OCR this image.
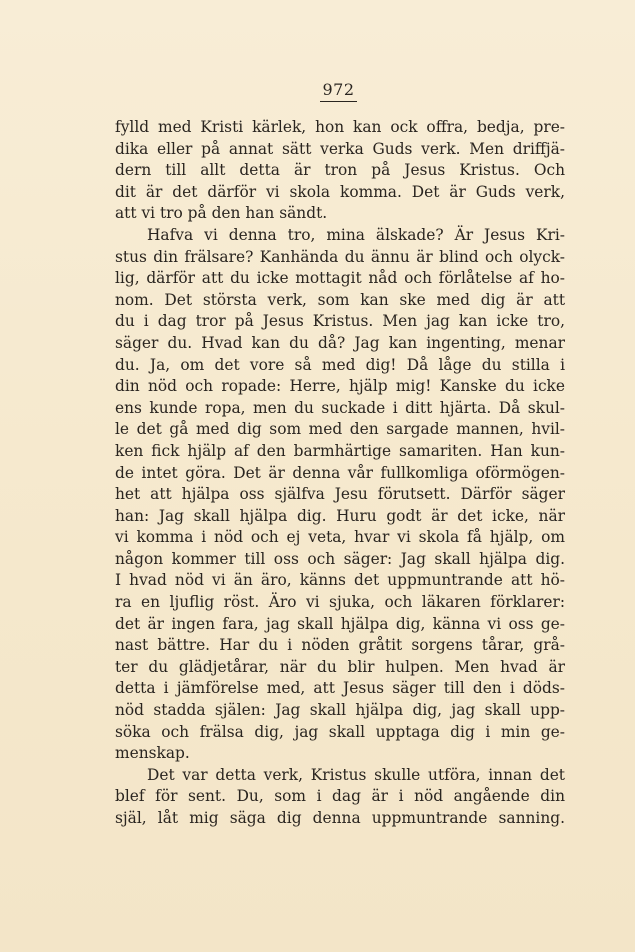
972
fylld med Kristi kärlek, hon kan ock offra, bedja, pre-
dika eller på annat sätt verka Guds verk. Men driffjä-
dern till allt detta är tron på Jesus Kristus. Och
dit är det därför vi skola komma. Det är Guds verk,
att vi tro på den han sändt.
Hafva vi denna tro, mina älskade? Är Jesus Kri-
stus din frälsare? Kanhända du ännu är blind och olyck-
lig, därför att du icke mottagit nåd och förlåtelse af ho-
nom. Det största verk, som kan ske med dig är att
du i dag tror på Jesus Kristus. Men jag kan icke tro,
säger du. Hvad kan du då? Jag kan ingenting, menar
du. Ja, om det vore så med dig! Då låge du stilla i
din nöd och ropade: Herre, hjälp mig! Kanske du icke
ens kunde ropa, men du suckade i ditt hjärta. Då skul-
le det gå med dig som med den sargade mannen, hvil-
ken fick hjälp af den barmhärtige samariten. Han kun-
de intet göra. Det är denna vår fullkomliga oförmögen-
het att hjälpa oss själfva Jesu förutsett. Därför säger
han: Jag skall hjälpa dig. Huru godt är det icke, när
vi komma i nöd och ej veta, hvar vi skola få hjälp, om
någon kommer till oss och säger: Jag skall hjälpa dig.
I hvad nöd vi än äro, känns det uppmuntrande att hö-
ra en ljuflig röst. Äro vi sjuka, och läkaren förklarer:
det är ingen fara, jag skall hjälpa dig, känna vi oss ge-
nast bättre. Har du i nöden gråtit sorgens tårar, grå-
ter du glädjetårar, när du blir hulpen. Men hvad är
detta i jämförelse med, att Jesus säger till den i döds-
nöd stadda själen: Jag skall hjälpa dig, jag skall upp-
söka och frälsa dig, jag skall upptaga dig i min ge-
menskap.
Det var detta verk, Kristus skulle utföra, innan det
blef för sent. Du, som i dag är i nöd angående din
själ, låt mig säga dig denna uppmuntrande sanning.
